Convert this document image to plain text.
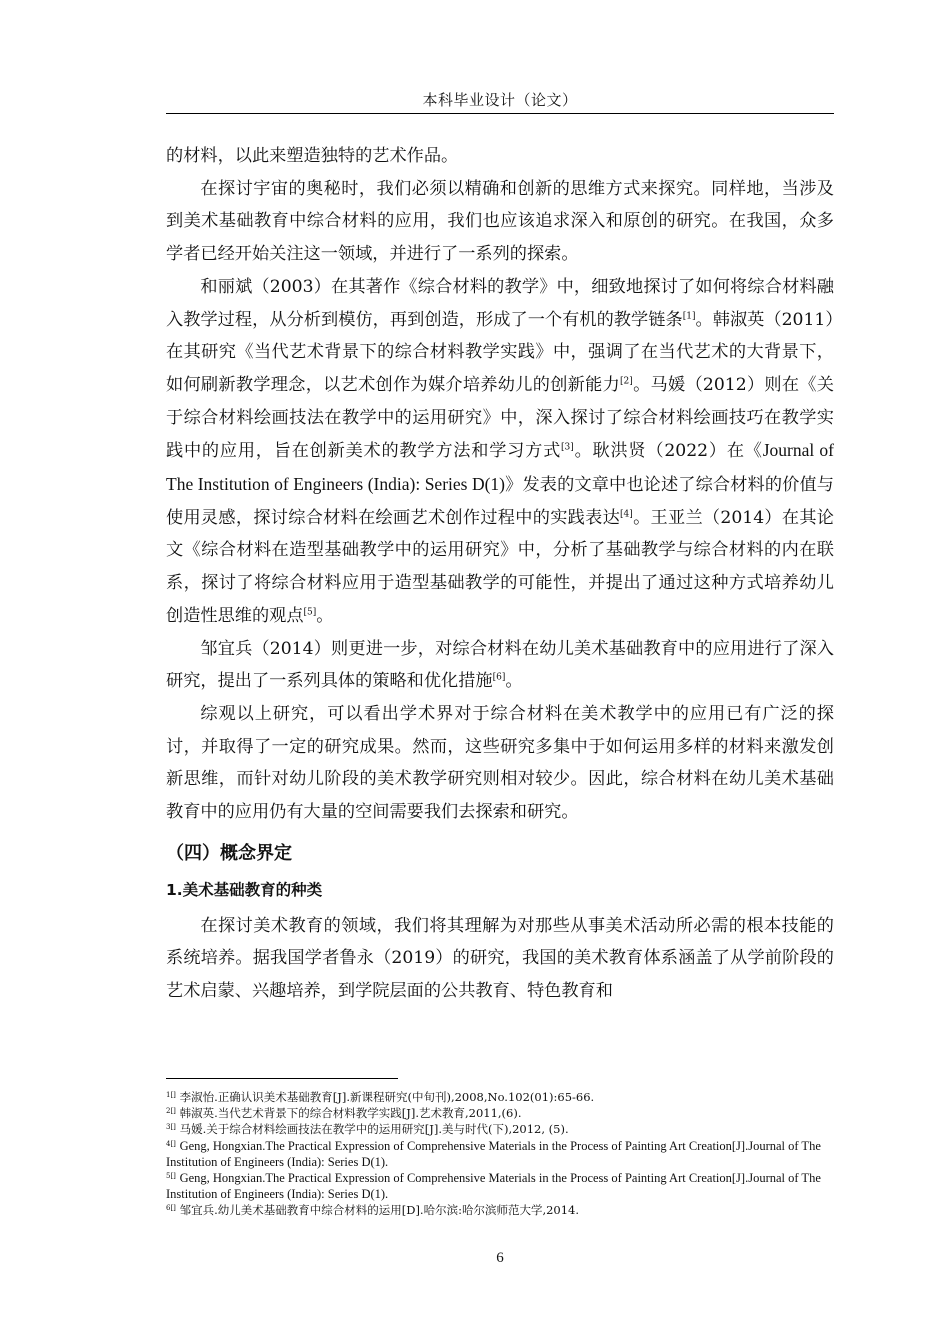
本科毕业设计（论文）

的材料，以此来塑造独特的艺术作品。

在探讨宇宙的奥秘时，我们必须以精确和创新的思维方式来探究。同样地，当涉及到美术基础教育中综合材料的应用，我们也应该追求深入和原创的研究。在我国，众多学者已经开始关注这一领域，并进行了一系列的探索。

和丽斌（2003）在其著作《综合材料的教学》中，细致地探讨了如何将综合材料融入教学过程，从分析到模仿，再到创造，形成了一个有机的教学链条[1]。韩淑英（2011）在其研究《当代艺术背景下的综合材料教学实践》中，强调了在当代艺术的大背景下，如何刷新教学理念，以艺术创作为媒介培养幼儿的创新能力[2]。马媛（2012）则在《关于综合材料绘画技法在教学中的运用研究》中，深入探讨了综合材料绘画技巧在教学实践中的应用，旨在创新美术的教学方法和学习方式[3]。耿洪贤（2022）在《Journal of The Institution of Engineers (India): Series D(1)》发表的文章中也论述了综合材料的价值与使用灵感，探讨综合材料在绘画艺术创作过程中的实践表达[4]。王亚兰（2014）在其论文《综合材料在造型基础教学中的运用研究》中，分析了基础教学与综合材料的内在联系，探讨了将综合材料应用于造型基础教学的可能性，并提出了通过这种方式培养幼儿创造性思维的观点[5]。

邹宜兵（2014）则更进一步，对综合材料在幼儿美术基础教育中的应用进行了深入研究，提出了一系列具体的策略和优化措施[6]。

综观以上研究，可以看出学术界对于综合材料在美术教学中的应用已有广泛的探讨，并取得了一定的研究成果。然而，这些研究多集中于如何运用多样的材料来激发创新思维，而针对幼儿阶段的美术教学研究则相对较少。因此，综合材料在幼儿美术基础教育中的应用仍有大量的空间需要我们去探索和研究。

（四）概念界定

1.美术基础教育的种类

在探讨美术教育的领域，我们将其理解为对那些从事美术活动所必需的根本技能的系统培养。据我国学者鲁永（2019）的研究，我国的美术教育体系涵盖了从学前阶段的艺术启蒙、兴趣培养，到学院层面的公共教育、特色教育和

$^{1[]}$ 李淑怡.正确认识美术基础教育[J].新课程研究(中旬刊),2008,No.102(01):65-66.

$^{2[]}$ 韩淑英.当代艺术背景下的综合材料教学实践[J].艺术教育,2011,(6).

$^{3[]}$ 马媛.关于综合材料绘画技法在教学中的运用研究[J].美与时代(下),2012, (5).

$^{4[]}$ Geng, Hongxian.The Practical Expression of Comprehensive Materials in the Process of Painting Art Creation[J].Journal of The Institution of Engineers (India): Series D(1).

$^{5[]}$ Geng, Hongxian.The Practical Expression of Comprehensive Materials in the Process of Painting Art Creation[J].Journal of The Institution of Engineers (India): Series D(1).

$^{6[]}$ 邹宜兵.幼儿美术基础教育中综合材料的运用[D].哈尔滨:哈尔滨师范大学,2014.

6
